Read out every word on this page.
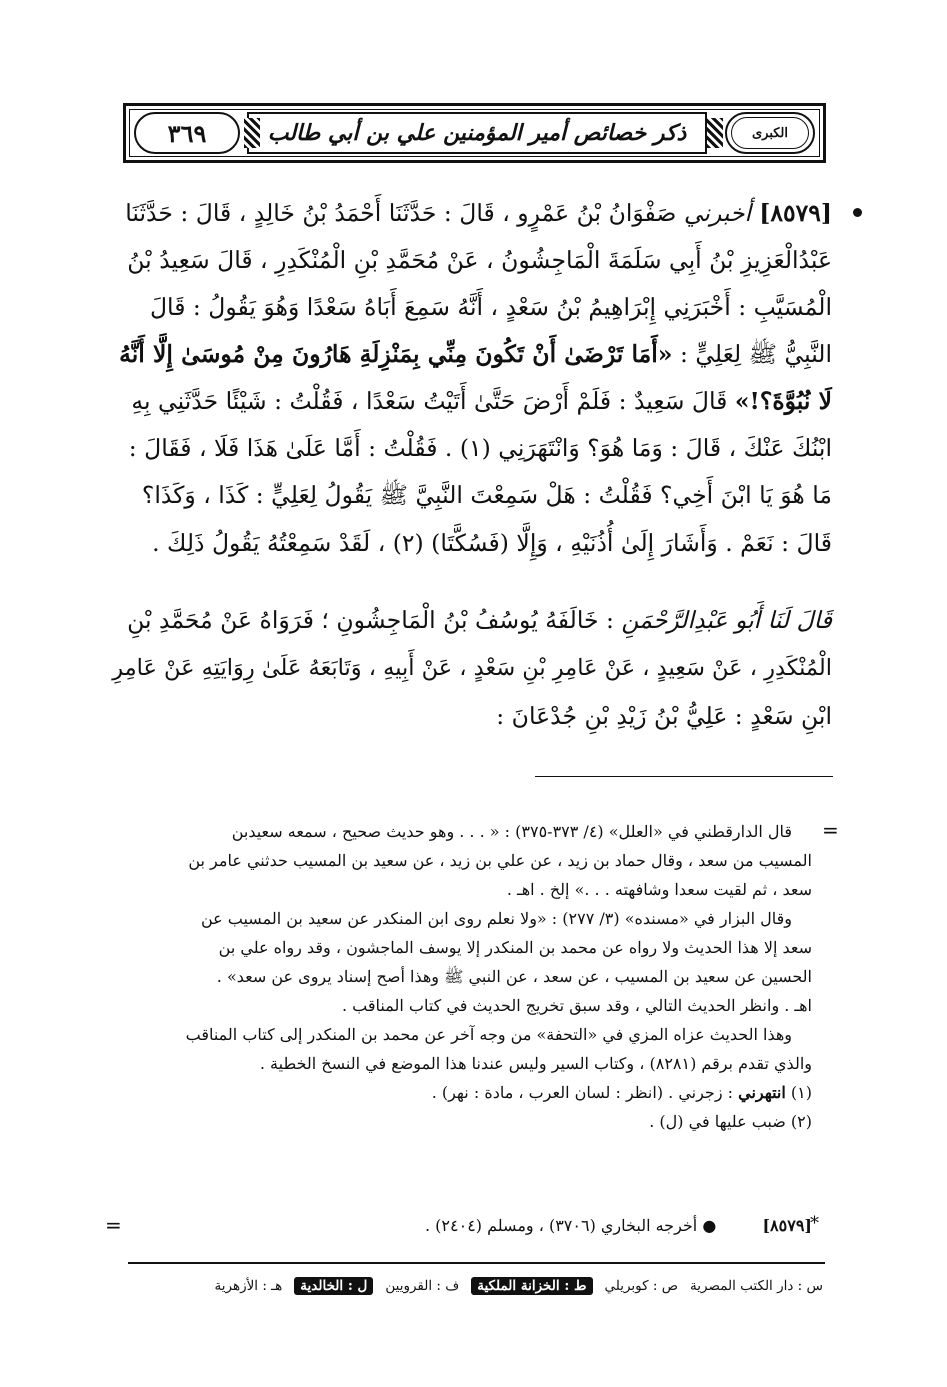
الكبرى
ذكر خصائص أمير المؤمنين علي بن أبي طالب
٣٦٩
[٨٥٧٩] أخبرني صَفْوَانُ بْنُ عَمْرٍو ، قَالَ : حَدَّثَنَا أَحْمَدُ بْنُ خَالِدٍ ، قَالَ : حَدَّثَنَا
عَبْدُالْعَزِيزِ بْنُ أَبِي سَلَمَةَ الْمَاجِشُونُ ، عَنْ مُحَمَّدِ بْنِ الْمُنْكَدِرِ ، قَالَ سَعِيدُ بْنُ
الْمُسَيَّبِ : أَخْبَرَنِي إِبْرَاهِيمُ بْنُ سَعْدٍ ، أَنَّهُ سَمِعَ أَبَاهُ سَعْدًا وَهُوَ يَقُولُ : قَالَ
النَّبِيُّ ﷺ لِعَلِيٍّ : «أَمَا تَرْضَىٰ أَنْ تَكُونَ مِنِّي بِمَنْزِلَةِ هَارُونَ مِنْ مُوسَىٰ إِلَّا أَنَّهُ
لَا نُبُوَّةَ؟!» قَالَ سَعِيدٌ : فَلَمْ أَرْضَ حَتَّىٰ أَتَيْتُ سَعْدًا ، فَقُلْتُ : شَيْئًا حَدَّثَنِي بِهِ
ابْنُكَ عَنْكَ ، قَالَ : وَمَا هُوَ؟ وَانْتَهَرَنِي (١) . فَقُلْتُ : أَمَّا عَلَىٰ هَذَا فَلَا ، فَقَالَ :
مَا هُوَ يَا ابْنَ أَخِي؟ فَقُلْتُ : هَلْ سَمِعْتَ النَّبِيَّ ﷺ يَقُولُ لِعَلِيٍّ : كَذَا ، وَكَذَا؟
قَالَ : نَعَمْ . وَأَشَارَ إِلَىٰ أُذُنَيْهِ ، وَإِلَّا (فَسُكَّتَا) (٢) ، لَقَدْ سَمِعْتُهُ يَقُولُ ذَلِكَ .
قَالَ لَنَا أَبُو عَبْدِالرَّحْمَنِ : خَالَفَهُ يُوسُفُ بْنُ الْمَاجِشُونِ ؛ فَرَوَاهُ عَنْ مُحَمَّدِ بْنِ
الْمُنْكَدِرِ ، عَنْ سَعِيدٍ ، عَنْ عَامِرِ بْنِ سَعْدٍ ، عَنْ أَبِيهِ ، وَتَابَعَهُ عَلَىٰ رِوَايَتِهِ عَنْ عَامِرِ
ابْنِ سَعْدٍ : عَلِيُّ بْنُ زَيْدِ بْنِ جُدْعَانَ :
=
قال الدارقطني في «العلل» (٤/ ٣٧٣-٣٧٥) : « . . . وهو حديث صحيح ، سمعه سعيدبن
المسيب من سعد ، وقال حماد بن زيد ، عن علي بن زيد ، عن سعيد بن المسيب حدثني عامر بن
سعد ، ثم لقيت سعدا وشافهته . . .» إلخ . اهـ .
وقال البزار في «مسنده» (٣/ ٢٧٧) : «ولا نعلم روى ابن المنكدر عن سعيد بن المسيب عن
سعد إلا هذا الحديث ولا رواه عن محمد بن المنكدر إلا يوسف الماجشون ، وقد رواه علي بن
الحسين عن سعيد بن المسيب ، عن سعد ، عن النبي ﷺ وهذا أصح إسناد يروى عن سعد» .
اهـ . وانظر الحديث التالي ، وقد سبق تخريج الحديث في كتاب المناقب .
وهذا الحديث عزاه المزي في «التحفة» من وجه آخر عن محمد بن المنكدر إلى كتاب المناقب
والذي تقدم برقم (٨٢٨١) ، وكتاب السير وليس عندنا هذا الموضع في النسخ الخطية .
(١) انتهرني : زجرني . (انظر : لسان العرب ، مادة : نهر) .
(٢) ضبب عليها في (ل) .
*
[٨٥٧٩]  ● أخرجه البخاري (٣٧٠٦) ، ومسلم (٢٤٠٤) .
=
س : دار الكتب المصرية
ص : كوبريلي
ط : الخزانة الملكية
ف : القرويين
ل : الخالدية
هـ : الأزهرية
